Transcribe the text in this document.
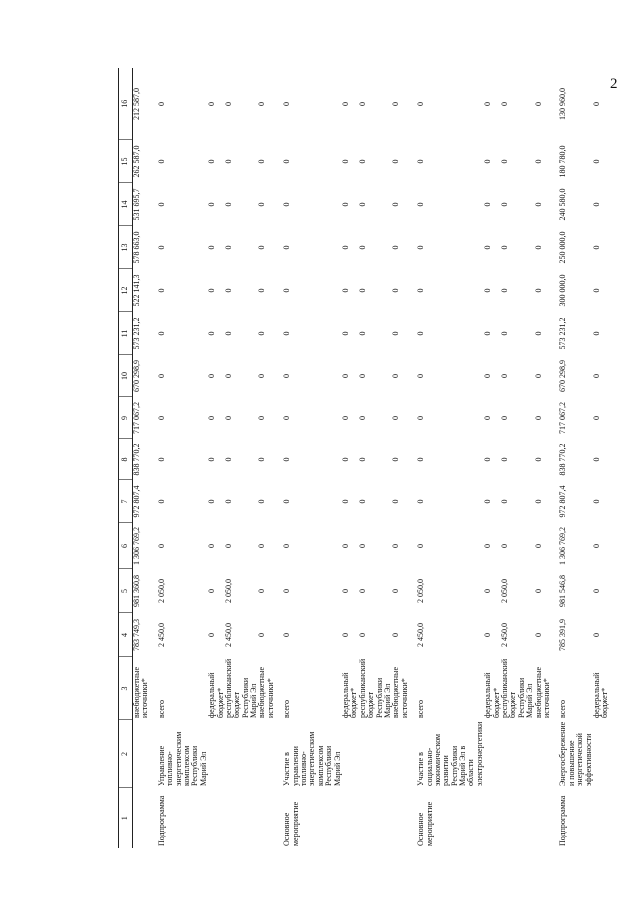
2
1	2	3	4	5	6	7	8	9	10	11	12	13	14	15	16
		внебюджетные источники*	783 749,3	981 360,8	1 306 769,2	972 807,4	838 770,2	717 067,2	670 298,9	573 231,2	522 141,3	578 663,0	531 695,7	262 587,0	212 587,0
Подпрограмма	Управление топливно-энергетическим комплексом Республики Марий Эл	всего	2 450,0	2 050,0	0	0	0	0	0	0	0	0	0	0	0
		федеральный бюджет*	0	0	0	0	0	0	0	0	0	0	0	0	0
		республиканский бюджет Республики Марий Эл	2 450,0	2 050,0	0	0	0	0	0	0	0	0	0	0	0
		внебюджетные источники*	0	0	0	0	0	0	0	0	0	0	0	0	0
Основное мероприятие	Участие в управлении топливно-энергетическим комплексом Республики Марий Эл	всего	0	0	0	0	0	0	0	0	0	0	0	0	0
		федеральный бюджет*	0	0	0	0	0	0	0	0	0	0	0	0	0
		республиканский бюджет Республики Марий Эл	0	0	0	0	0	0	0	0	0	0	0	0	0
		внебюджетные источники*	0	0	0	0	0	0	0	0	0	0	0	0	0
Основное мероприятие	Участие в социально-экономическом развитии Республики Марий Эл в области электроэнергетики	всего	2 450,0	2 050,0	0	0	0	0	0	0	0	0	0	0	0
		федеральный бюджет*	0	0	0	0	0	0	0	0	0	0	0	0	0
		республиканский бюджет Республики Марий Эл	2 450,0	2 050,0	0	0	0	0	0	0	0	0	0	0	0
		внебюджетные источники*	0	0	0	0	0	0	0	0	0	0	0	0	0
Подпрограмма	Энергосбережение и повышение энергетической эффективности	всего	785 391,9	981 546,8	1 306 769,2	972 807,4	838 770,2	717 067,2	670 298,9	573 231,2	300 000,0	250 000,0	240 580,0	180 780,0	130 960,0
		федеральный бюджет*	0	0	0	0	0	0	0	0	0	0	0	0	0
